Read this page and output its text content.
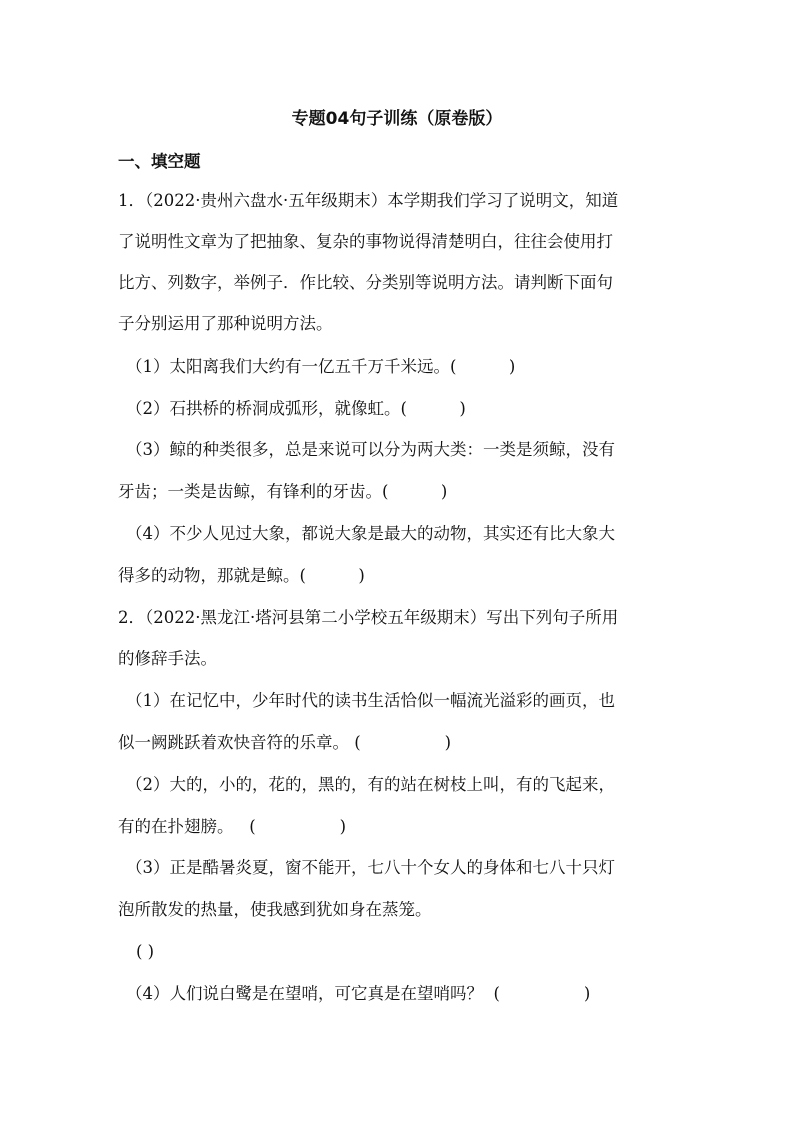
专题04句子训练（原卷版）
一、填空题
1．（2022·贵州六盘水·五年级期末）本学期我们学习了说明文，知道
了说明性文章为了把抽象、复杂的事物说得清楚明白，往往会使用打
比方、列数字，举例子．作比较、分类别等说明方法。请判断下面句
子分别运用了那种说明方法。
（1）太阳离我们大约有一亿五千万千米远。(          )
（2）石拱桥的桥洞成弧形，就像虹。(          )
（3）鲸的种类很多，总是来说可以分为两大类：一类是须鲸，没有
牙齿；一类是齿鲸，有锋利的牙齿。(          )
（4）不少人见过大象，都说大象是最大的动物，其实还有比大象大
得多的动物，那就是鲸。(          )
2．（2022·黑龙江·塔河县第二小学校五年级期末）写出下列句子所用
的修辞手法。
（1）在记忆中，少年时代的读书生活恰似一幅流光溢彩的画页，也
似一阙跳跃着欢快音符的乐章。 (                )
（2）大的，小的，花的，黑的，有的站在树枝上叫，有的飞起来，
有的在扑翅膀。   (                )
（3）正是酷暑炎夏，窗不能开，七八十个女人的身体和七八十只灯
泡所散发的热量，使我感到犹如身在蒸笼。
( )
（4）人们说白鹭是在望哨，可它真是在望哨吗？  (                )
